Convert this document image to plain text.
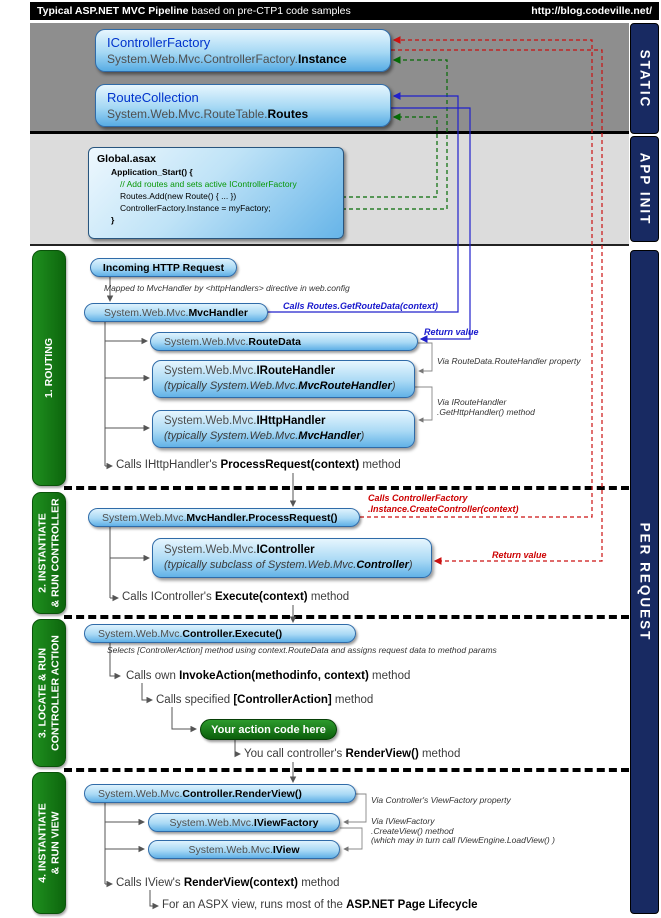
Typical ASP.NET MVC Pipeline based on pre-CTP1 code samples	http://blog.codeville.net/
IControllerFactory
System.Web.Mvc.ControllerFactory.Instance
RouteCollection
System.Web.Mvc.RouteTable.Routes
Global.asax
Application_Start() {
// Add routes and sets active IControllerFactory
Routes.Add(new Route() { ... })
ControllerFactory.Instance = myFactory;
}
Incoming HTTP Request
Mapped to MvcHandler by <httpHandlers> directive in web.config
System.Web.Mvc. MvcHandler
Calls Routes.GetRouteData(context)
Return value
System.Web.Mvc. RouteData
System.Web.Mvc.IRouteHandler
(typically System.Web.Mvc.MvcRouteHandler)
Via RouteData.RouteHandler property
System.Web.Mvc.IHttpHandler
(typically System.Web.Mvc.MvcHandler)
Via IRouteHandler
.GetHttpHandler() method
Calls IHttpHandler's ProcessRequest(context) method
System.Web.Mvc. MvcHandler.ProcessRequest()
Calls ControllerFactory
.Instance.CreateController(context)
System.Web.Mvc.IController
(typically subclass of System.Web.Mvc.Controller)
Return value
Calls IController's Execute(context) method
System.Web.Mvc. Controller.Execute()
Selects [ControllerAction] method using context.RouteData and assigns request data to method params
Calls own InvokeAction(methodinfo, context) method
Calls specified [ControllerAction] method
Your action code here
You call controller's RenderView() method
System.Web.Mvc. Controller.RenderView()
Via Controller's ViewFactory property
System.Web.Mvc. IViewFactory	Via IViewFactory
.CreateView() method
(which may in turn call IViewEngine.LoadView() )
System.Web.Mvc. IView
Calls IView's RenderView(context) method
For an ASPX view, runs most of the ASP.NET Page Lifecycle
STATIC
APP INIT
PER REQUEST
1. ROUTING
2. INSTANTIATE
& RUN CONTROLLER
3. LOCATE & RUN
CONTROLLER ACTION
4. INSTANTIATE
& RUN VIEW
